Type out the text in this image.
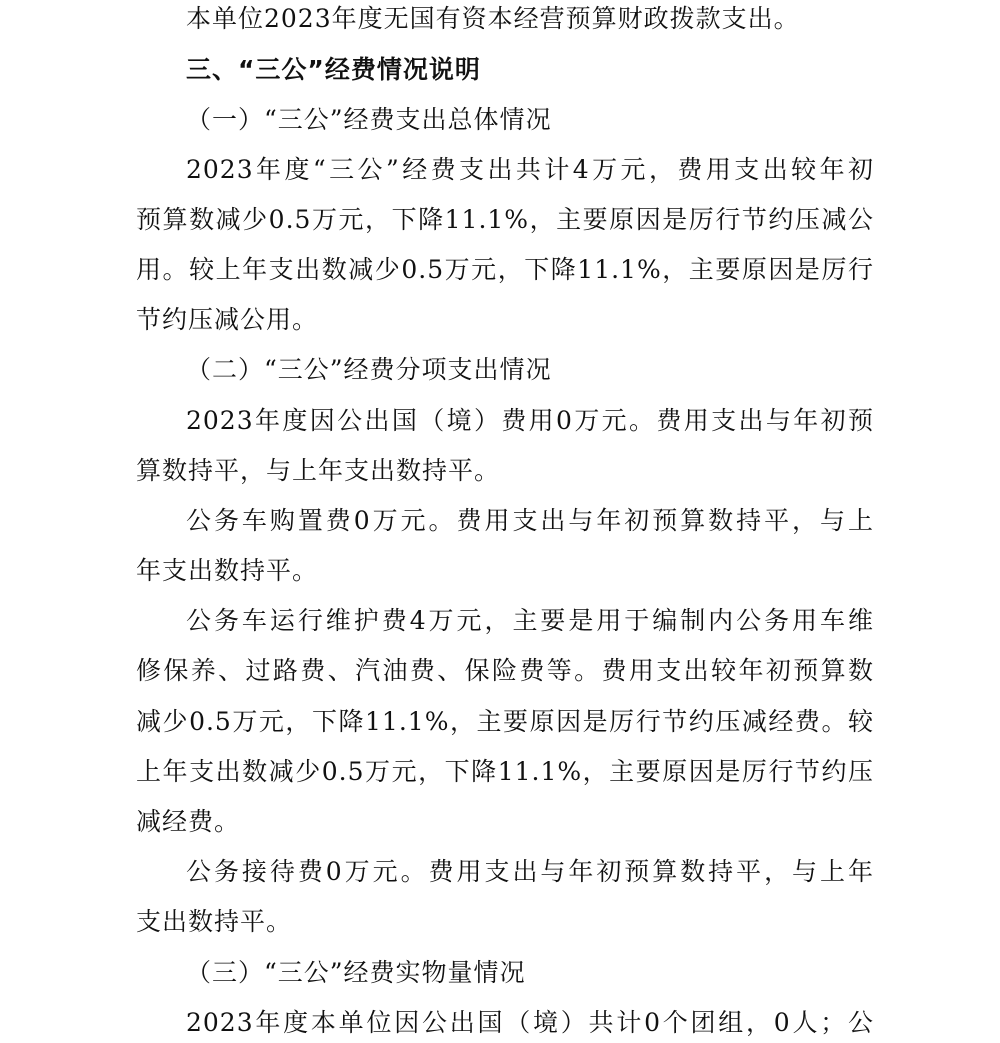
本单位2023年度无国有资本经营预算财政拨款支出。
三、“三公”经费情况说明
（一）“三公”经费支出总体情况
2023年度“三公”经费支出共计4万元，费用支出较年初
预算数减少0.5万元，下降11.1%，主要原因是厉行节约压减公
用。较上年支出数减少0.5万元，下降11.1%，主要原因是厉行
节约压减公用。
（二）“三公”经费分项支出情况
2023年度因公出国（境）费用0万元。费用支出与年初预
算数持平，与上年支出数持平。
公务车购置费0万元。费用支出与年初预算数持平，与上
年支出数持平。
公务车运行维护费4万元，主要是用于编制内公务用车维
修保养、过路费、汽油费、保险费等。费用支出较年初预算数
减少0.5万元，下降11.1%，主要原因是厉行节约压减经费。较
上年支出数减少0.5万元，下降11.1%，主要原因是厉行节约压
减经费。
公务接待费0万元。费用支出与年初预算数持平，与上年
支出数持平。
（三）“三公”经费实物量情况
2023年度本单位因公出国（境）共计0个团组，0人；公
